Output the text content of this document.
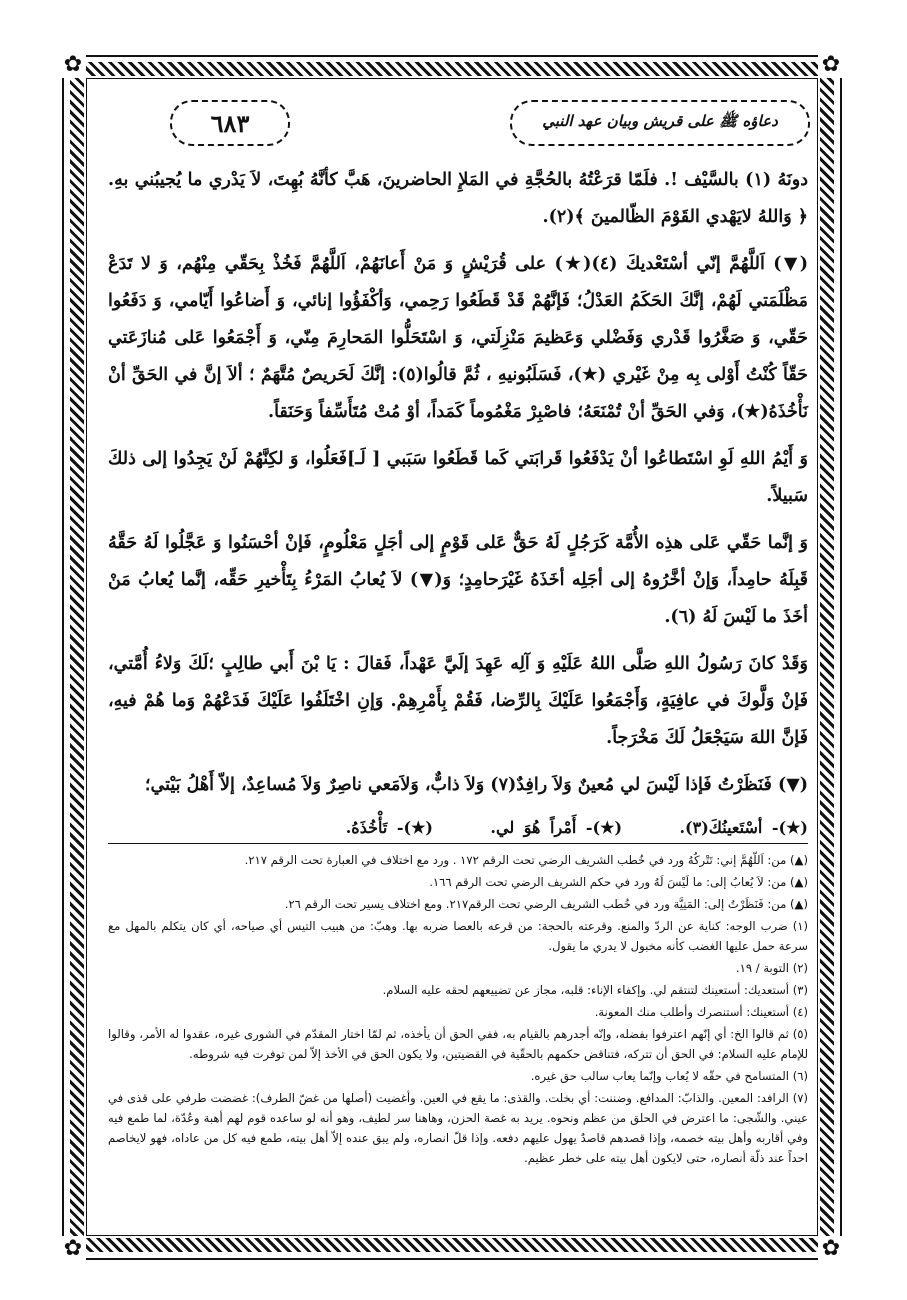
✿	✿
✿	✿
٦٨٣	دعاؤه ﷺ على قريش وبيان عهد النبي

دونَهُ (١) بالسَّيْف !. فلَمّا قرَعْتُهُ بالحُجَّةِ في المَلإِ الحاضرينَ، هَبَّ كأنَّهُ بُهِتَ، لاَ يَدْري ما يُجيبُني بهِ. ﴿ وَاللهُ لايَهْدي القَوْمَ الظّالمينَ ﴾(٢).

(▼) اَللَّهُمَّ إنّي أسْتَعْديكَ (٤)(★) على قُرَيْشٍ وَ مَنْ أَعانَهُمْ، اَللَّهُمَّ فَخُذْ بِحَقّي مِنْهُم، وَ لا تَدَعْ مَظْلَمَتي لَهُمْ، إنَّكَ الحَكَمُ العَدْلُ؛ فَإنَّهُمْ قَدْ قَطَعُوا رَحِمي، وَأكْفَؤُوا إنائي، وَ أَضاعُوا أَيّامي، وَ دَفَعُوا حَقّي، وَ صَغَّرُوا قَدْري وَفَضْلي وَعَظيمَ مَنْزِلَتي، وَ اسْتَحَلُّوا المَحارِمَ مِنّي، وَ أَجْمَعُوا عَلى مُنازَعَتي حَقّاً كُنْتُ أَوْلى بِه مِنْ غَيْري (★)، فَسَلَبُونيهِ ، ثُمَّ قالُوا(٥): إنَّكَ لَحَريصٌ مُتَّهَمٌ ؛ ألاَ إنَّ في الحَقِّ أنْ نَأْخُذَهُ(★)، وَفي الحَقِّ أنْ تُمْنَعَهُ؛ فاصْبِرْ مَغْمُوماً كَمَداً، أوْ مُتْ مُتَأَسِّفاً وَحَنَقاً.

وَ أَيْمُ اللهِ لَوِ اسْتَطاعُوا أنْ يَدْفَعُوا قَرابَتي كَما قَطَعُوا سَبَبي [ لَـ]فَعَلُوا، وَ لكِنَّهُمْ لَنْ يَجِدُوا إلى ذلكَ سَبيلاً.

وَ إنَّما حَقّي عَلى هذِه الأُمَّة كَرَجُلٍ لَهُ حَقٌّ عَلى قَوْمٍ إلى أجَلٍ مَعْلُومٍ، فَإنْ أحْسَنُوا وَ عَجَّلُوا لَهُ حَقَّهُ قَبِلَهُ حامِداً، وَإنْ أخَّرُوهُ إلى أجَلِه أخَذَهُ غَيْرَحامِدٍ؛ وَ(▼) لاَ يُعابُ المَرْءُ بِتَأْخيرِ حَقِّه، إنَّما يُعابُ مَنْ أخَذَ ما لَيْسَ لَهُ (٦).

وَقَدْ كانَ رَسُولُ اللهِ صَلَّى اللهُ عَلَيْهِ وَ آلِه عَهِدَ إلَيَّ عَهْداً، فَقالَ : يَا بْنَ أَبي طالِبٍ ؛لَكَ وَلاءُ أُمَّتي، فَإنْ وَلَّوكَ في عافِيَةٍ، وَأَجْمَعُوا عَلَيْكَ بِالرِّضا، فَقُمْ بِأَمْرِهِمْ. وَإنِ اخْتَلَفُوا عَلَيْكَ فَدَعْهُمْ وَما هُمْ فيهِ، فَإنَّ اللهَ سَيَجْعَلُ لَكَ مَخْرَجاً.

(▼) فَنَظَرْتُ فَإذا لَيْسَ لي مُعينٌ وَلاَ رافِدٌ(٧) وَلاَ ذابٌّ، وَلاَمَعي ناصِرٌ وَلاَ مُساعِدٌ، إلاّ أَهْلُ بَيْتي؛

(★)- أسْتَعينُكَ(٣).      (★)- أَمْراً هُوَ لي.      (★)- تَأْخُذَهُ.

(▲) من: اَللّهُمَّ إني: تَتْركُهُ ورد في خُطب الشريف الرضي تحت الرقم ١٧٢ . ورد مع اختلاف في العبارة تحت الرقم ٢١٧.

(▲) من: لاَ يُعابُ إلى: ما لَيْسَ لَهُ ورد في حكم الشريف الرضي تحت الرقم ١٦٦.

(▲) من: فَنَظَرْتُ إلى: المَنِيَّة ورد في خُطب الشريف الرضي تحت الرقم٢١٧. ومع اختلاف يسير تحت الرقم ٢٦.

(١) ضرب الوجه: كناية عن الردّ والمنع. وقرعته بالحجة: من قرعه بالعصا ضربه بها. وهبّ: من هبيب التيس أي صياحه، أي كان يتكلم بالمهل مع سرعة حمل عليها الغضب كأنه مخبول لا يدري ما يقول.

(٢) التوبة / ١٩.

(٣) أستعديك: أستعينك لتنتقم لي. وإكفاء الإناء: قلبه، مجاز عن تضييعهم لحقه عليه السلام.

(٤) أستعينك: أستنصرك وأطلب منك المعونة.

(٥) ثم قالوا الخ: أي إنّهم اعترفوا بفضله، وإنّه أجدرهم بالقيام به، ففي الحق أن يأخذه، ثم لمّا اختار المقدّم في الشورى غيره، عقدوا له الأمر، وقالوا للإمام عليه السلام: في الحق أن تتركه، فتناقض حكمهم بالحقّية في القضيتين، ولا يكون الحق في الأخذ إلاّ لمن توفرت فيه شروطه.

(٦) المتسامح في حقّه لا يُعاب وإنّما يعاب سالب حق غيره.

(٧) الرافد: المعين. والذابّ: المدافع. وضننت: أي بخلت. والقذى: ما يقع في العين. وأغضيت (أصلها من غضّ الطرف): غضضت طرفي على قذى في عيني. والشّجى: ما اعترض في الحلق من عظم ونحوه. يريد به غصة الحزن، وهاهنا سر لطيف، وهو أنه لو ساعده قوم لهم أهبة وعُدّة، لما طمع فيه وفي أقاربه وأهل بيته خصمه، وإذا قصدهم قاصدٌ يهول عليهم دفعه. وإذا قلّ انصاره، ولم يبق عنده إلاّ أهل بيته، طمع فيه كل من عاداه، فهو لايخاصم احداً عند ذلّة أنصاره، حتى لايكون أهل بيته على خطر عظيم.
